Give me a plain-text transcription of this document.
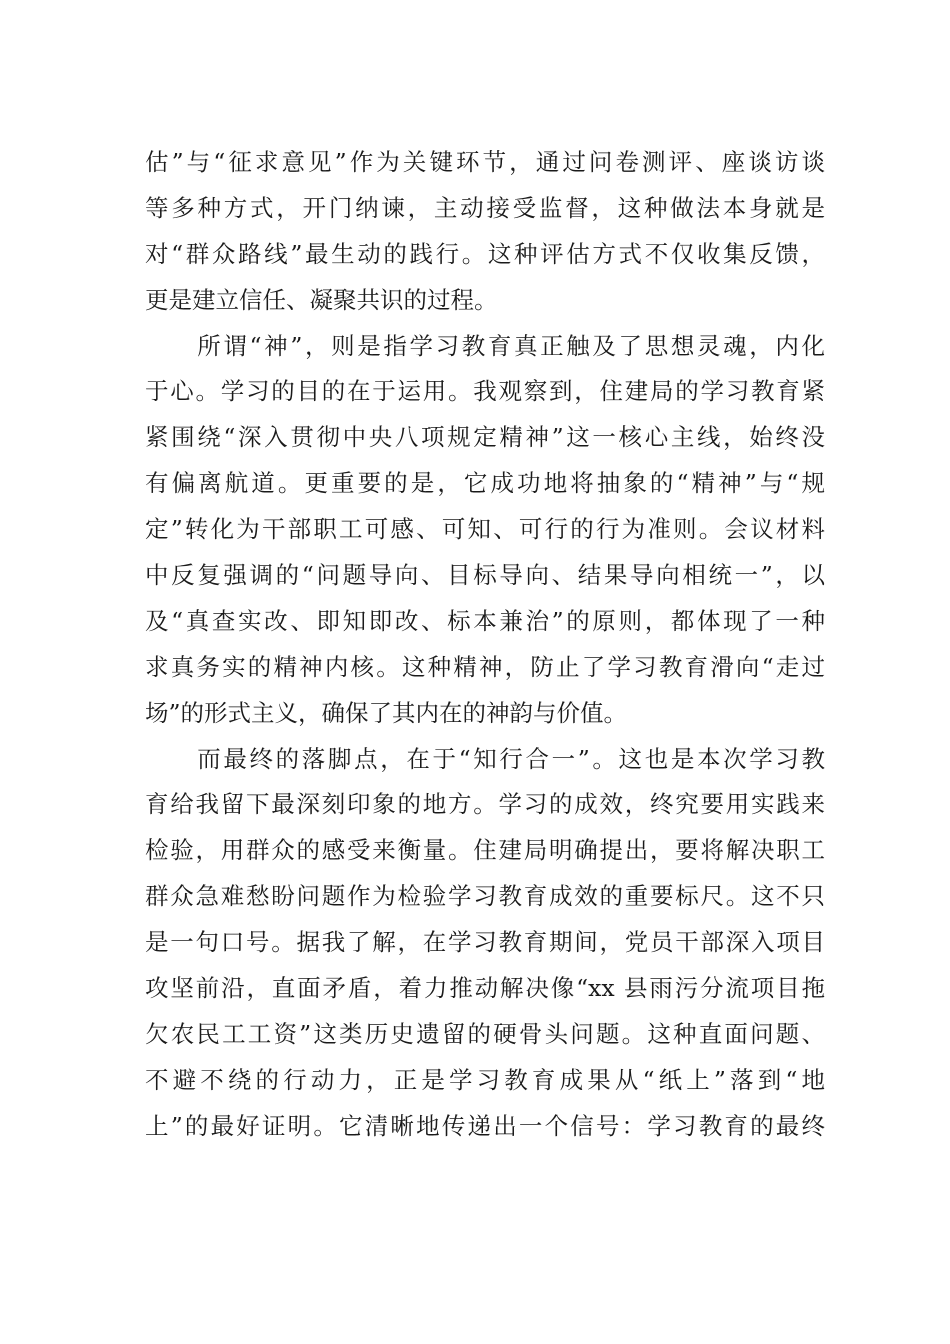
估”与“征求意见”作为关键环节，通过问卷测评、座谈访谈
等多种方式，开门纳谏，主动接受监督，这种做法本身就是
对“群众路线”最生动的践行。这种评估方式不仅收集反馈，
更是建立信任、凝聚共识的过程。
　　所谓“神”，则是指学习教育真正触及了思想灵魂，内化
于心。学习的目的在于运用。我观察到，住建局的学习教育紧
紧围绕“深入贯彻中央八项规定精神”这一核心主线，始终没
有偏离航道。更重要的是，它成功地将抽象的“精神”与“规
定”转化为干部职工可感、可知、可行的行为准则。会议材料
中反复强调的“问题导向、目标导向、结果导向相统一”，以
及“真查实改、即知即改、标本兼治”的原则，都体现了一种
求真务实的精神内核。这种精神，防止了学习教育滑向“走过
场”的形式主义，确保了其内在的神韵与价值。
　　而最终的落脚点，在于“知行合一”。这也是本次学习教
育给我留下最深刻印象的地方。学习的成效，终究要用实践来
检验，用群众的感受来衡量。住建局明确提出，要将解决职工
群众急难愁盼问题作为检验学习教育成效的重要标尺。这不只
是一句口号。据我了解，在学习教育期间，党员干部深入项目
攻坚前沿，直面矛盾，着力推动解决像“xx 县雨污分流项目拖
欠农民工工资”这类历史遗留的硬骨头问题。这种直面问题、
不避不绕的行动力，正是学习教育成果从“纸上”落到“地
上”的最好证明。它清晰地传递出一个信号：学习教育的最终
